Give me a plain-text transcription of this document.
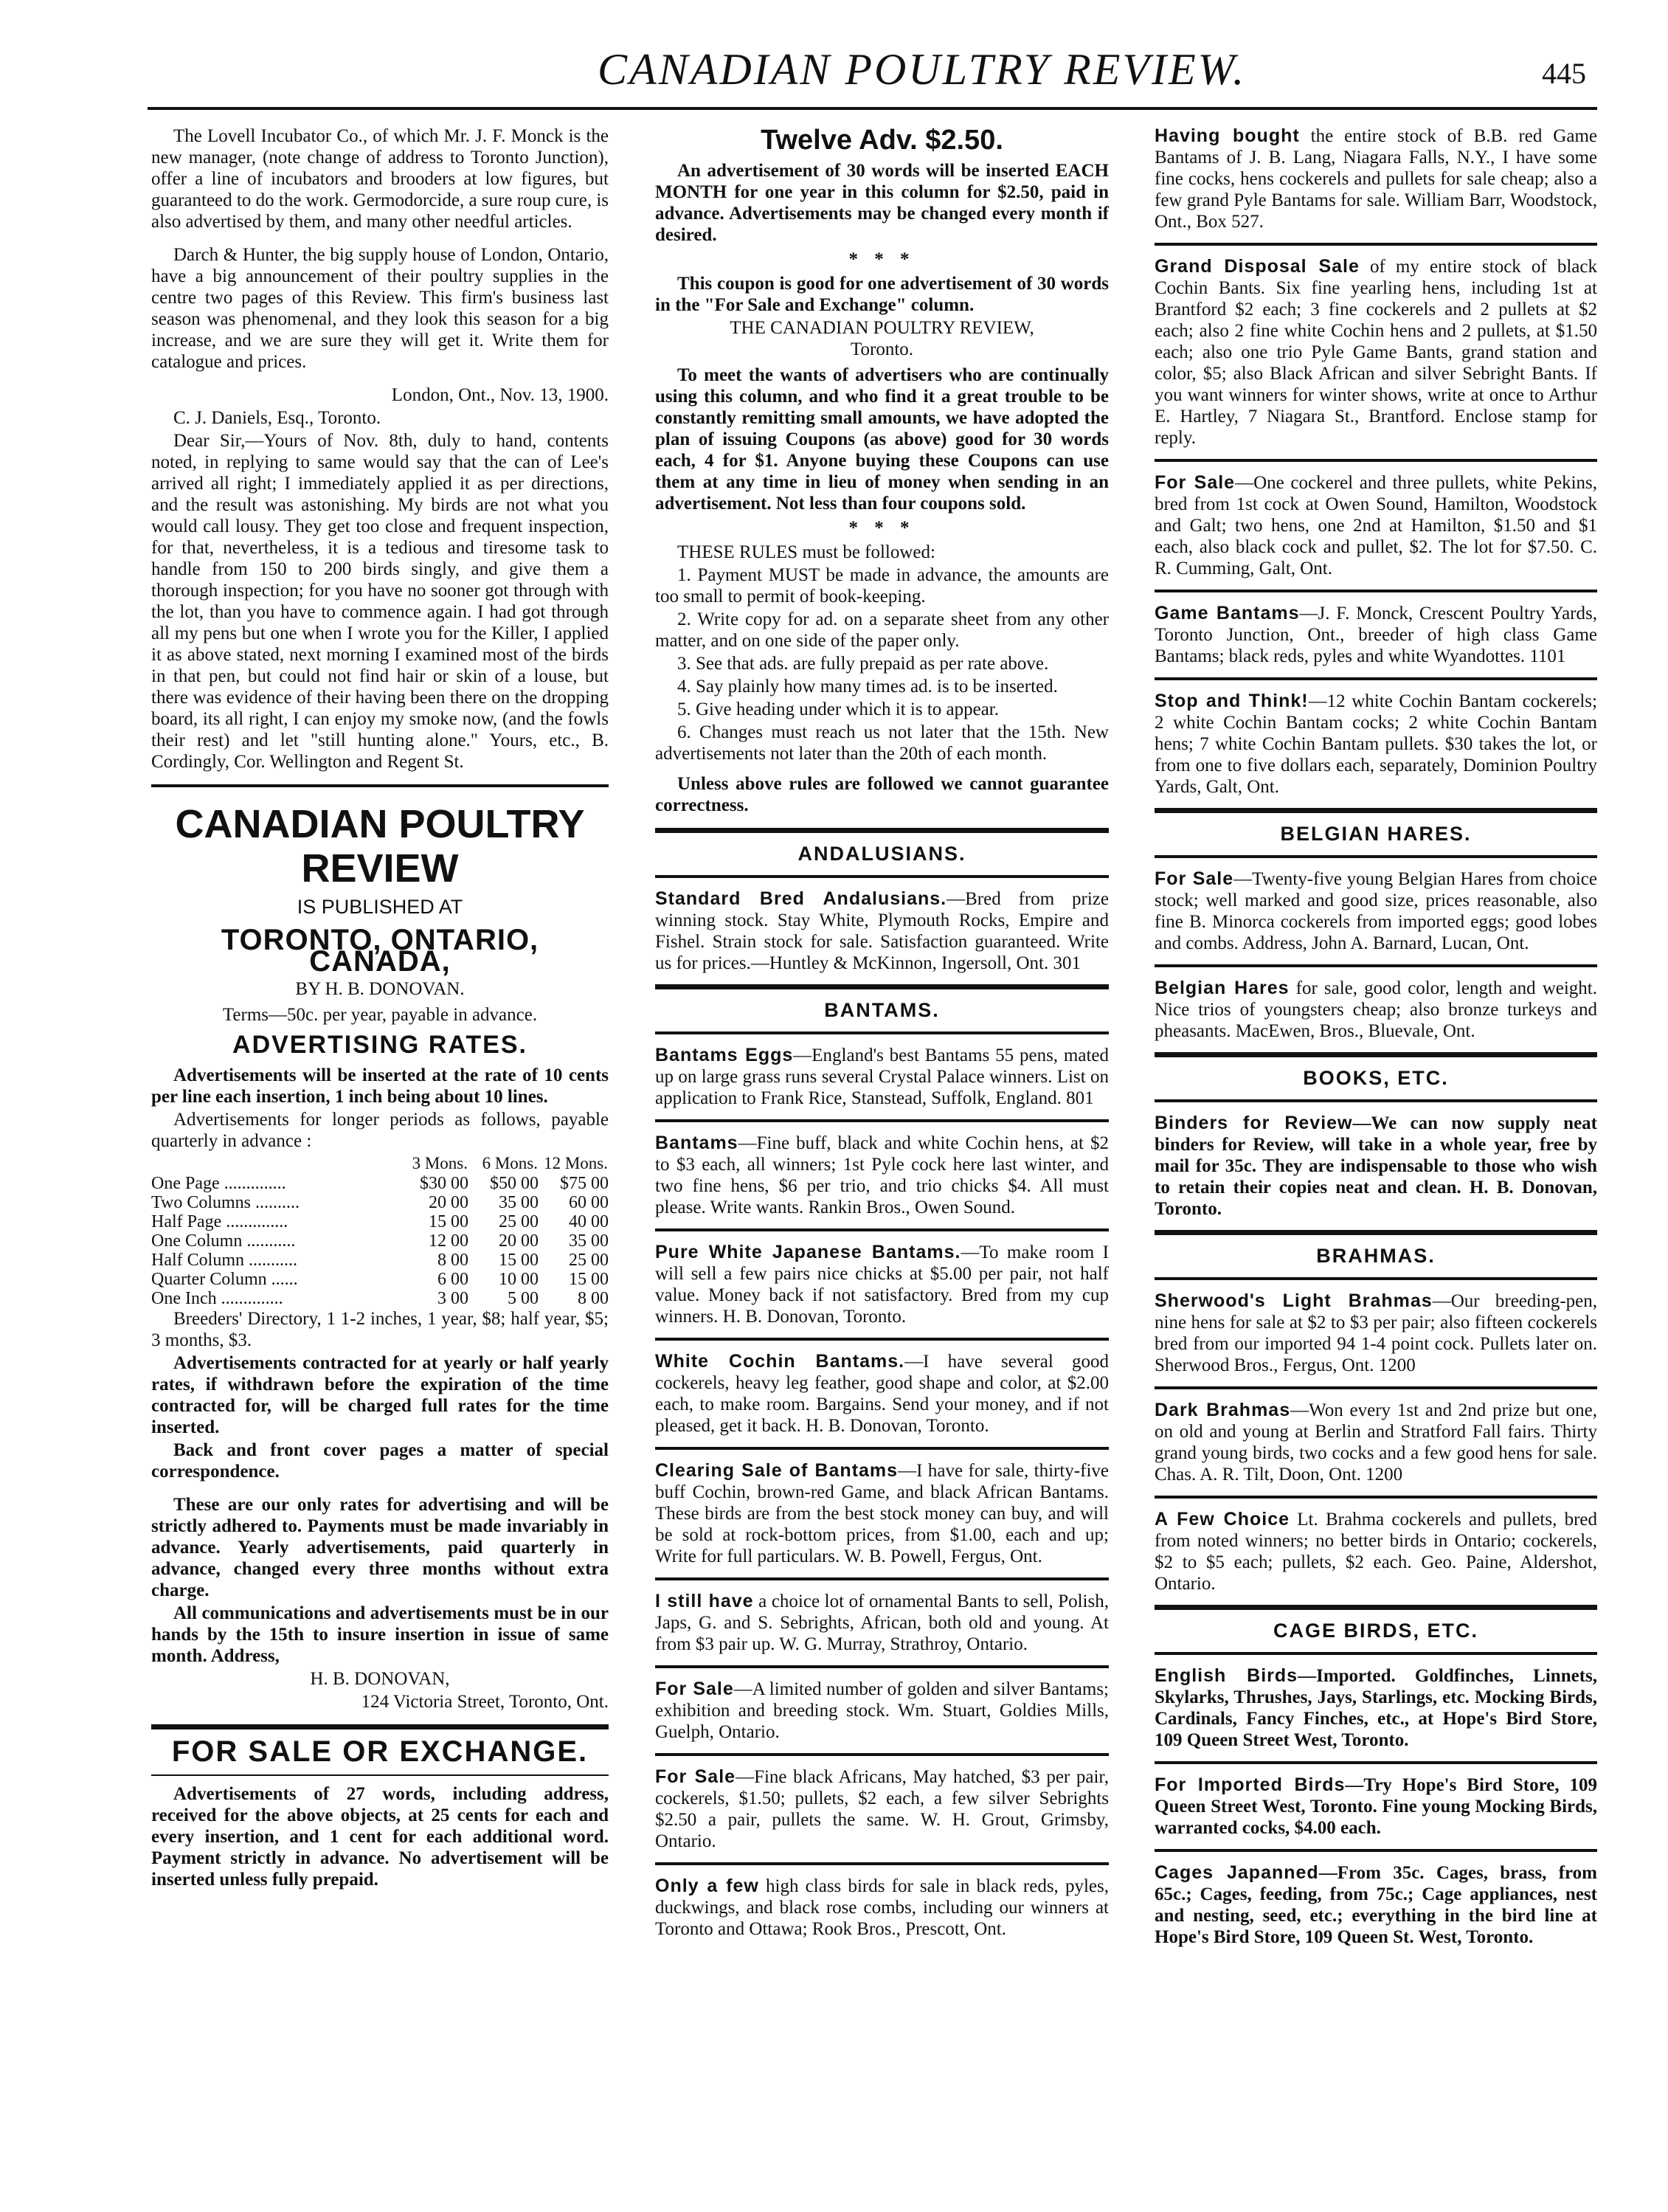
CANADIAN POULTRY REVIEW.	445

The Lovell Incubator Co., of which Mr. J. F. Monck is the new manager, (note change of address to Toronto Junction), offer a line of incubators and brooders at low figures, but guaranteed to do the work. Germodorcide, a sure roup cure, is also advertised by them, and many other needful articles.

Darch & Hunter, the big supply house of London, Ontario, have a big announcement of their poultry supplies in the centre two pages of this Review. This firm's business last season was phenomenal, and they look this season for a big increase, and we are sure they will get it. Write them for catalogue and prices.

London, Ont., Nov. 13, 1900.

C. J. Daniels, Esq., Toronto.

Dear Sir,—Yours of Nov. 8th, duly to hand, contents noted, in replying to same would say that the can of Lee's arrived all right; I immediately applied it as per directions, and the result was astonishing. My birds are not what you would call lousy. They get too close and frequent inspection, for that, nevertheless, it is a tedious and tiresome task to handle from 150 to 200 birds singly, and give them a thorough inspection; for you have no sooner got through with the lot, than you have to commence again. I had got through all my pens but one when I wrote you for the Killer, I applied it as above stated, next morning I examined most of the birds in that pen, but could not find hair or skin of a louse, but there was evidence of their having been there on the dropping board, its all right, I can enjoy my smoke now, (and the fowls their rest) and let "still hunting alone." Yours, etc., B. Cordingly, Cor. Wellington and Regent St.

CANADIAN POULTRY REVIEW
IS PUBLISHED AT
TORONTO, ONTARIO, CANADA,
BY H. B. DONOVAN.
Terms—50c. per year, payable in advance.
ADVERTISING RATES.

Advertisements will be inserted at the rate of 10 cents per line each insertion, 1 inch being about 10 lines.

Advertisements for longer periods as follows, payable quarterly in advance :

	3 Mons.	6 Mons.	12 Mons.
One Page ..............	$30 00	$50 00	$75 00
Two Columns ..........	20 00	35 00	60 00
Half Page ..............	15 00	25 00	40 00
One Column ...........	12 00	20 00	35 00
Half Column ...........	8 00	15 00	25 00
Quarter Column ......	6 00	10 00	15 00
One Inch ..............	3 00	5 00	8 00

Breeders' Directory, 1 1-2 inches, 1 year, $8; half year, $5; 3 months, $3.

Advertisements contracted for at yearly or half yearly rates, if withdrawn before the expiration of the time contracted for, will be charged full rates for the time inserted.

Back and front cover pages a matter of special correspondence.

These are our only rates for advertising and will be strictly adhered to. Payments must be made invariably in advance. Yearly advertisements, paid quarterly in advance, changed every three months without extra charge.

All communications and advertisements must be in our hands by the 15th to insure insertion in issue of same month. Address,

H. B. DONOVAN,

124 Victoria Street, Toronto, Ont.

FOR SALE OR EXCHANGE.

Advertisements of 27 words, including address, received for the above objects, at 25 cents for each and every insertion, and 1 cent for each additional word. Payment strictly in advance. No advertisement will be inserted unless fully prepaid.

Twelve Adv. $2.50.

An advertisement of 30 words will be inserted EACH MONTH for one year in this column for $2.50, paid in advance. Advertisements may be changed every month if desired.

* * *

This coupon is good for one advertisement of 30 words in the "For Sale and Exchange" column.

THE CANADIAN POULTRY REVIEW,

Toronto.

To meet the wants of advertisers who are continually using this column, and who find it a great trouble to be constantly remitting small amounts, we have adopted the plan of issuing Coupons (as above) good for 30 words each, 4 for $1. Anyone buying these Coupons can use them at any time in lieu of money when sending in an advertisement. Not less than four coupons sold.

* * *

THESE RULES must be followed:

1. Payment MUST be made in advance, the amounts are too small to permit of book-keeping.
2. Write copy for ad. on a separate sheet from any other matter, and on one side of the paper only.
3. See that ads. are fully prepaid as per rate above.
4. Say plainly how many times ad. is to be inserted.
5. Give heading under which it is to appear.
6. Changes must reach us not later that the 15th. New advertisements not later than the 20th of each month.

Unless above rules are followed we cannot guarantee correctness.

ANDALUSIANS.
Standard Bred Andalusians.—Bred from prize winning stock. Stay White, Plymouth Rocks, Empire and Fishel. Strain stock for sale. Satisfaction guaranteed. Write us for prices.—Huntley & McKinnon, Ingersoll, Ont. 301
BANTAMS.
Bantams Eggs—England's best Bantams 55 pens, mated up on large grass runs several Crystal Palace winners. List on application to Frank Rice, Stanstead, Suffolk, England. 801
Bantams—Fine buff, black and white Cochin hens, at $2 to $3 each, all winners; 1st Pyle cock here last winter, and two fine hens, $6 per trio, and trio chicks $4. All must please. Write wants. Rankin Bros., Owen Sound.
Pure White Japanese Bantams.—To make room I will sell a few pairs nice chicks at $5.00 per pair, not half value. Money back if not satisfactory. Bred from my cup winners. H. B. Donovan, Toronto.
White Cochin Bantams.—I have several good cockerels, heavy leg feather, good shape and color, at $2.00 each, to make room. Bargains. Send your money, and if not pleased, get it back. H. B. Donovan, Toronto.
Clearing Sale of Bantams—I have for sale, thirty-five buff Cochin, brown-red Game, and black African Bantams. These birds are from the best stock money can buy, and will be sold at rock-bottom prices, from $1.00, each and up; Write for full particulars. W. B. Powell, Fergus, Ont.
I still have a choice lot of ornamental Bants to sell, Polish, Japs, G. and S. Sebrights, African, both old and young. At from $3 pair up. W. G. Murray, Strathroy, Ontario.
For Sale—A limited number of golden and silver Bantams; exhibition and breeding stock. Wm. Stuart, Goldies Mills, Guelph, Ontario.
For Sale—Fine black Africans, May hatched, $3 per pair, cockerels, $1.50; pullets, $2 each, a few silver Sebrights $2.50 a pair, pullets the same. W. H. Grout, Grimsby, Ontario.
Only a few high class birds for sale in black reds, pyles, duckwings, and black rose combs, including our winners at Toronto and Ottawa; Rook Bros., Prescott, Ont.
Having bought the entire stock of B.B. red Game Bantams of J. B. Lang, Niagara Falls, N.Y., I have some fine cocks, hens cockerels and pullets for sale cheap; also a few grand Pyle Bantams for sale. William Barr, Woodstock, Ont., Box 527.
Grand Disposal Sale of my entire stock of black Cochin Bants. Six fine yearling hens, including 1st at Brantford $2 each; 3 fine cockerels and 2 pullets at $2 each; also 2 fine white Cochin hens and 2 pullets, at $1.50 each; also one trio Pyle Game Bants, grand station and color, $5; also Black African and silver Sebright Bants. If you want winners for winter shows, write at once to Arthur E. Hartley, 7 Niagara St., Brantford. Enclose stamp for reply.
For Sale—One cockerel and three pullets, white Pekins, bred from 1st cock at Owen Sound, Hamilton, Woodstock and Galt; two hens, one 2nd at Hamilton, $1.50 and $1 each, also black cock and pullet, $2. The lot for $7.50. C. R. Cumming, Galt, Ont.
Game Bantams—J. F. Monck, Crescent Poultry Yards, Toronto Junction, Ont., breeder of high class Game Bantams; black reds, pyles and white Wyandottes. 1101
Stop and Think!—12 white Cochin Bantam cockerels; 2 white Cochin Bantam cocks; 2 white Cochin Bantam hens; 7 white Cochin Bantam pullets. $30 takes the lot, or from one to five dollars each, separately, Dominion Poultry Yards, Galt, Ont.
BELGIAN HARES.
For Sale—Twenty-five young Belgian Hares from choice stock; well marked and good size, prices reasonable, also fine B. Minorca cockerels from imported eggs; good lobes and combs. Address, John A. Barnard, Lucan, Ont.
Belgian Hares for sale, good color, length and weight. Nice trios of youngsters cheap; also bronze turkeys and pheasants. MacEwen, Bros., Bluevale, Ont.
BOOKS, ETC.
Binders for Review—We can now supply neat binders for Review, will take in a whole year, free by mail for 35c. They are indispensable to those who wish to retain their copies neat and clean. H. B. Donovan, Toronto.
BRAHMAS.
Sherwood's Light Brahmas—Our breeding-pen, nine hens for sale at $2 to $3 per pair; also fifteen cockerels bred from our imported 94 1-4 point cock. Pullets later on. Sherwood Bros., Fergus, Ont. 1200
Dark Brahmas—Won every 1st and 2nd prize but one, on old and young at Berlin and Stratford Fall fairs. Thirty grand young birds, two cocks and a few good hens for sale. Chas. A. R. Tilt, Doon, Ont. 1200
A Few Choice Lt. Brahma cockerels and pullets, bred from noted winners; no better birds in Ontario; cockerels, $2 to $5 each; pullets, $2 each. Geo. Paine, Aldershot, Ontario.
CAGE BIRDS, ETC.
English Birds—Imported. Goldfinches, Linnets, Skylarks, Thrushes, Jays, Starlings, etc. Mocking Birds, Cardinals, Fancy Finches, etc., at Hope's Bird Store, 109 Queen Street West, Toronto.
For Imported Birds—Try Hope's Bird Store, 109 Queen Street West, Toronto. Fine young Mocking Birds, warranted cocks, $4.00 each.
Cages Japanned—From 35c. Cages, brass, from 65c.; Cages, feeding, from 75c.; Cage appliances, nest and nesting, seed, etc.; everything in the bird line at Hope's Bird Store, 109 Queen St. West, Toronto.
